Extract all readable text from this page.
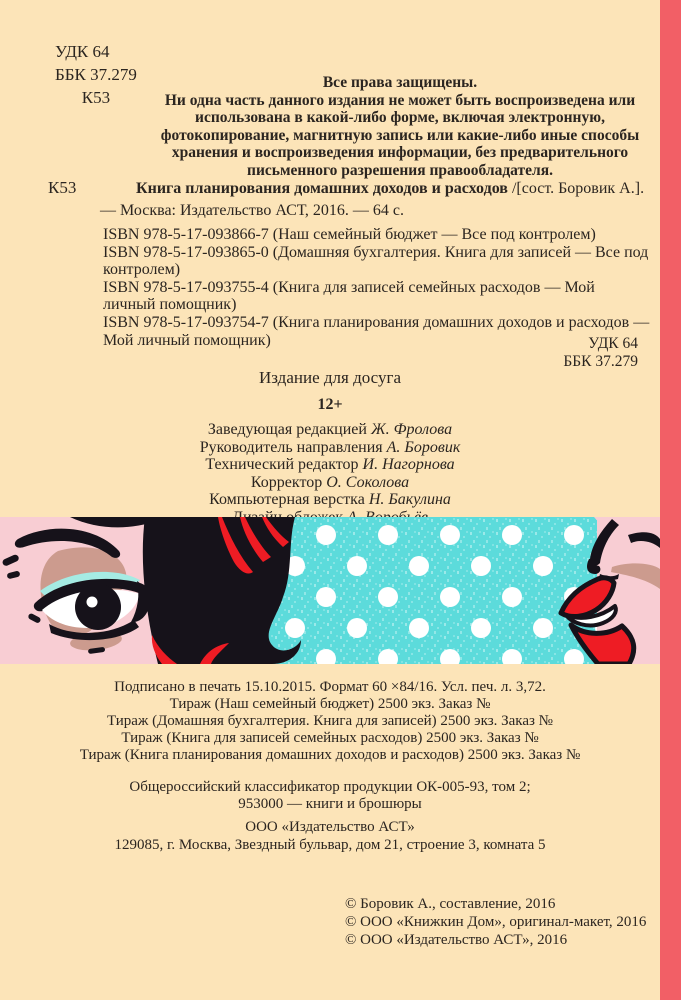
УДК 64
ББК 37.279
К53
Все права защищены.
Ни одна часть данного издания не может быть воспроизведена или использована в какой-либо форме, включая электронную, фотокопирование, магнитную запись или какие-либо иные способы хранения и воспроизведения информации, без предварительного письменного разрешения правообладателя.
К53	Книга планирования домашних доходов и расходов /[сост. Боровик А.]. — Москва: Издательство АСТ, 2016. — 64 с.

ISBN 978-5-17-093866-7 (Наш семейный бюджет — Все под контролем)

ISBN 978-5-17-093865-0 (Домашняя бухгалтерия. Книга для записей — Все под контролем)

ISBN 978-5-17-093755-4 (Книга для записей семейных расходов — Мой личный помощник)

ISBN 978-5-17-093754-7 (Книга планирования домашних доходов и расходов — Мой личный помощник)	УДК 64
ББК 37.279
Издание для досуга
12+
Заведующая редакцией Ж. Фролова
Руководитель направления А. Боровик
Технический редактор И. Нагорнова
Корректор О. Соколова
Компьютерная верстка Н. Бакулина
Подписано в печать 15.10.2015. Формат 60 ×84/16. Усл. печ. л. 3,72.
Тираж (Наш семейный бюджет) 2500 экз. Заказ №
Тираж (Домашняя бухгалтерия. Книга для записей) 2500 экз. Заказ №
Тираж (Книга для записей семейных расходов) 2500 экз. Заказ №
Тираж (Книга планирования домашних доходов и расходов) 2500 экз. Заказ №
Общероссийский классификатор продукции ОК-005-93, том 2;
953000 — книги и брошюры
ООО «Издательство АСТ»
129085, г. Москва, Звездный бульвар, дом 21, строение 3, комната 5
© Боровик А., составление, 2016
© ООО «Книжкин Дом», оригинал-макет, 2016
© ООО «Издательство АСТ», 2016
